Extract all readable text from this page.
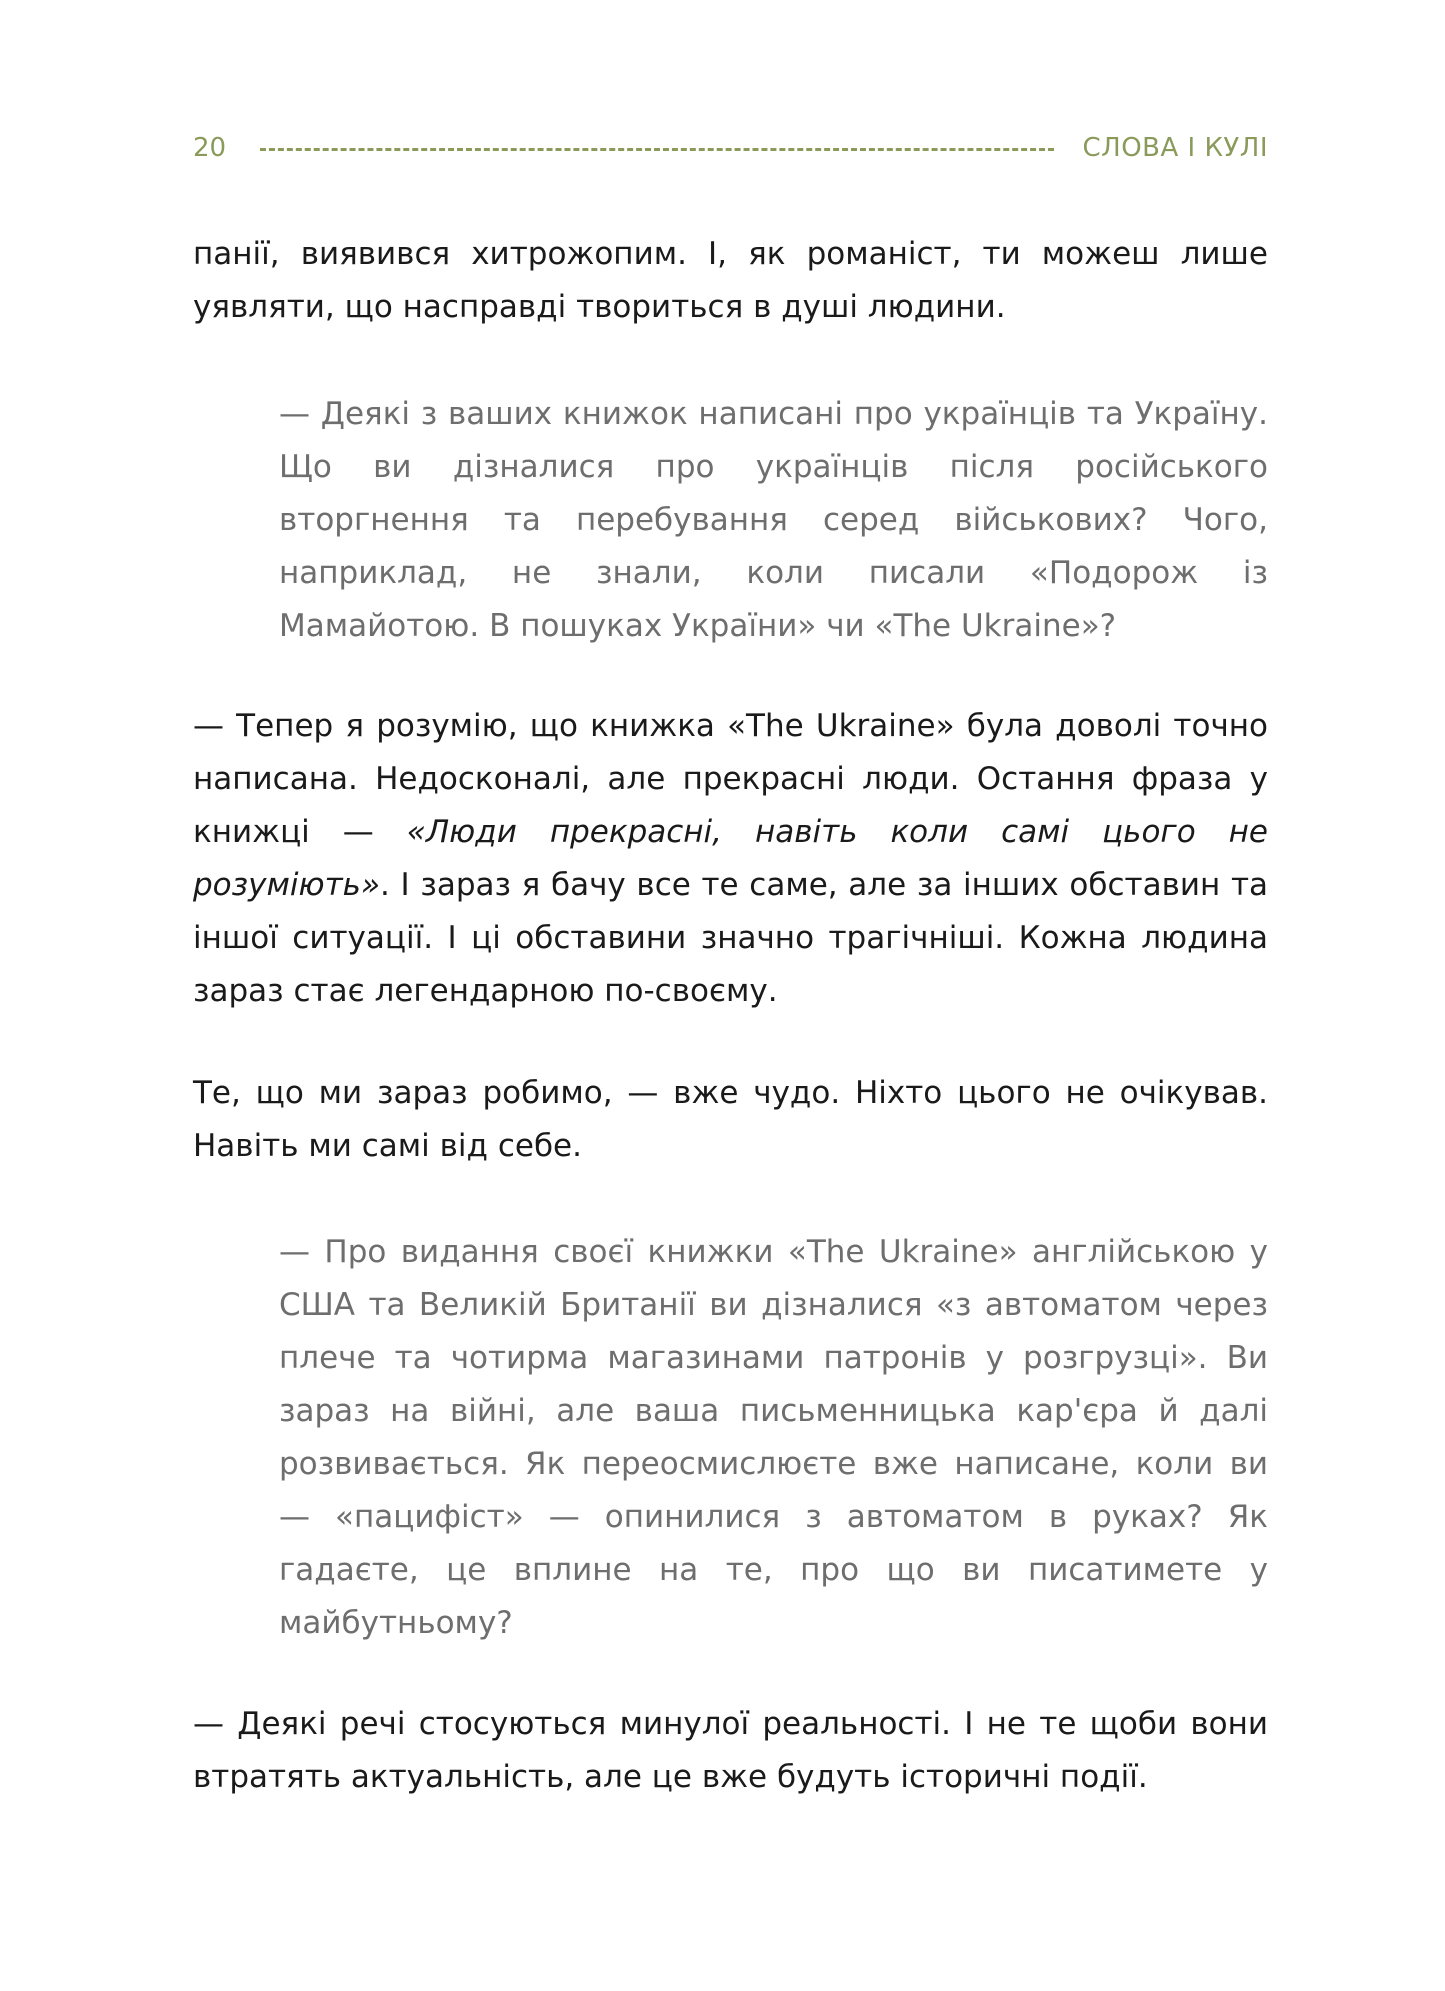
20	СЛОВА І КУЛІ

панії, виявився хитрожопим. І, як романіст, ти можеш лише уявляти, що насправді твориться в душі людини.

— Деякі з ваших книжок написані про українців та Україну. Що ви дізналися про українців після російського вторгнення та перебування серед військових? Чого, наприклад, не знали, коли писали «Подорож із Мамайотою. В пошуках України» чи «The Ukraine»?

— Тепер я розумію, що книжка «The Ukraine» була доволі точно написана. Недосконалі, але прекрасні люди. Остання фраза у книжці — «Люди прекрасні, навіть коли самі цього не розуміють». І зараз я бачу все те саме, але за інших обставин та іншої ситуації. І ці обставини значно трагічніші. Кожна людина зараз стає легендарною по-своєму.

Те, що ми зараз робимо, — вже чудо. Ніхто цього не очікував. Навіть ми самі від себе.

— Про видання своєї книжки «The Ukraine» англійською у США та Великій Британії ви дізналися «з автоматом через плече та чотирма магазинами патронів у розгрузці». Ви зараз на війні, але ваша письменницька кар'єра й далі розвивається. Як переосмислюєте вже написане, коли ви — «пацифіст» — опинилися з автоматом в руках? Як гадаєте, це вплине на те, про що ви писатимете у майбутньому?

— Деякі речі стосуються минулої реальності. І не те щоби вони втратять актуальність, але це вже будуть історичні події.
